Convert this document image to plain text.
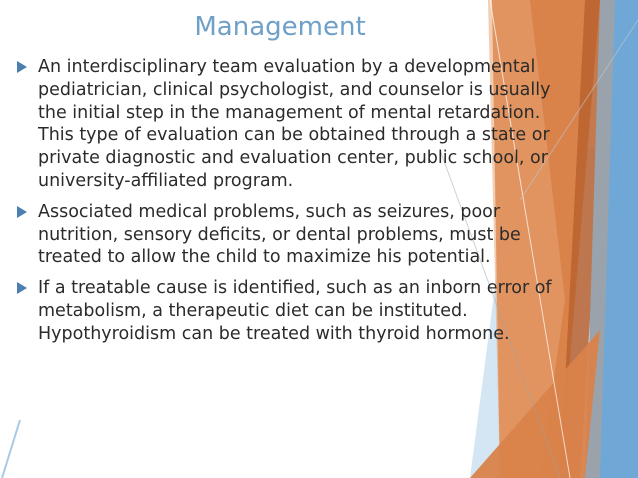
Management
An interdisciplinary team evaluation by a developmental pediatrician, clinical psychologist, and counselor is usually the initial step in the management of mental retardation. This type of evaluation can be obtained through a state or private diagnostic and evaluation center, public school, or university-affiliated program.
Associated medical problems, such as seizures, poor nutrition, sensory deficits, or dental problems, must be treated to allow the child to maximize his potential.
If a treatable cause is identified, such as an inborn error of metabolism, a therapeutic diet can be instituted. Hypothyroidism can be treated with thyroid hormone.
